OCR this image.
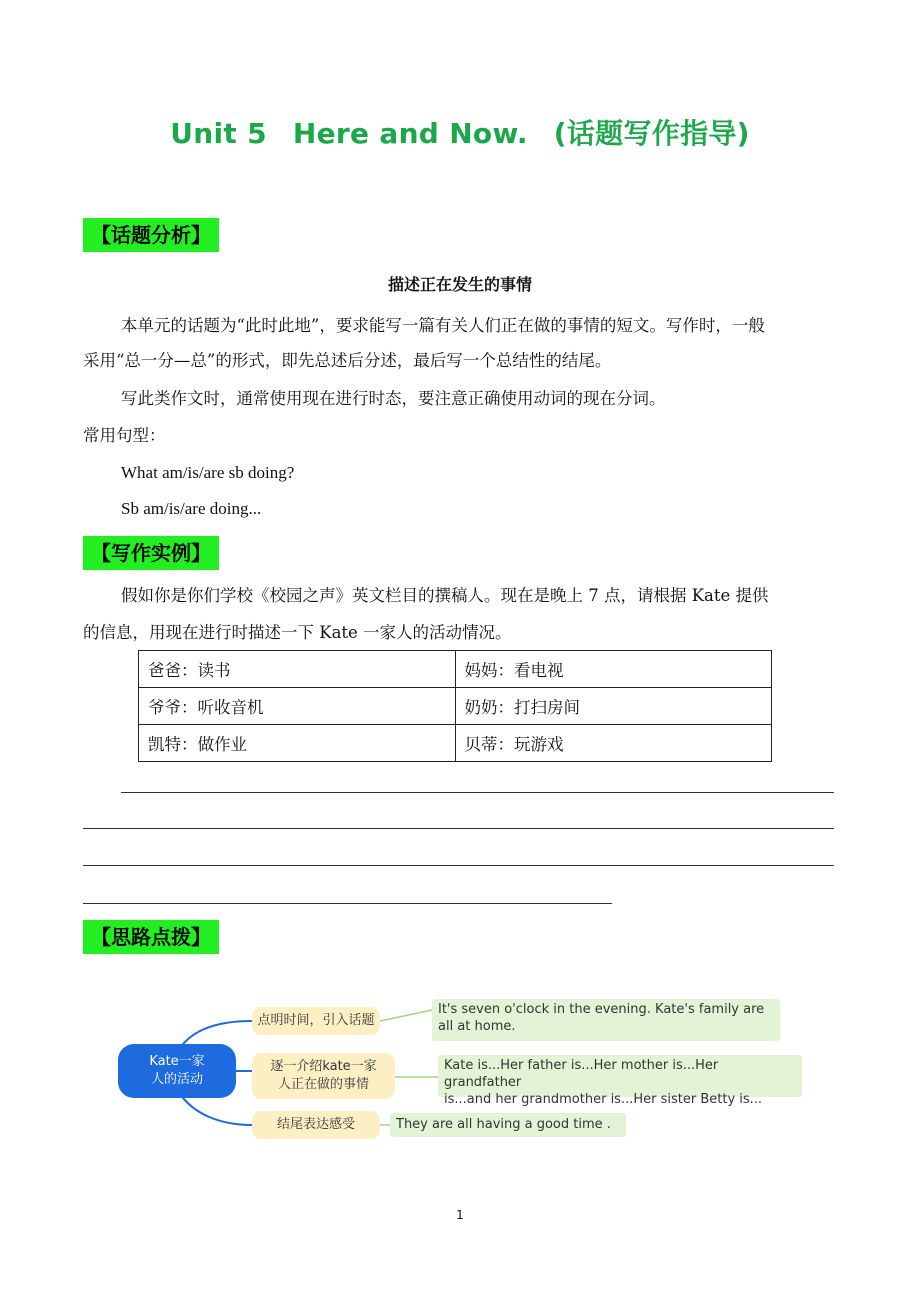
Unit 5 Here and Now. (话题写作指导)
【话题分析】
描述正在发生的事情
本单元的话题为“此时此地”，要求能写一篇有关人们正在做的事情的短文。写作时，一般
采用“总一分—总”的形式，即先总述后分述，最后写一个总结性的结尾。
写此类作文时，通常使用现在进行时态，要注意正确使用动词的现在分词。
常用句型：
What am/is/are sb doing?
Sb am/is/are doing...
【写作实例】
假如你是你们学校《校园之声》英文栏目的撰稿人。现在是晚上 7 点，请根据 Kate 提供
的信息，用现在进行时描述一下 Kate 一家人的活动情况。
爸爸：读书	妈妈：看电视
爷爷：听收音机	奶奶：打扫房间
凯特：做作业	贝蒂：玩游戏
【思路点拨】
Kate一家
人的活动
点明时间，引入话题
It's seven o'clock in the evening. Kate's family are
all at home.
逐一介绍kate一家
人正在做的事情
Kate is...Her father is...Her mother is...Her grandfather
is...and her grandmother is...Her sister Betty is...
结尾表达感受	They are all having a good time .
1
